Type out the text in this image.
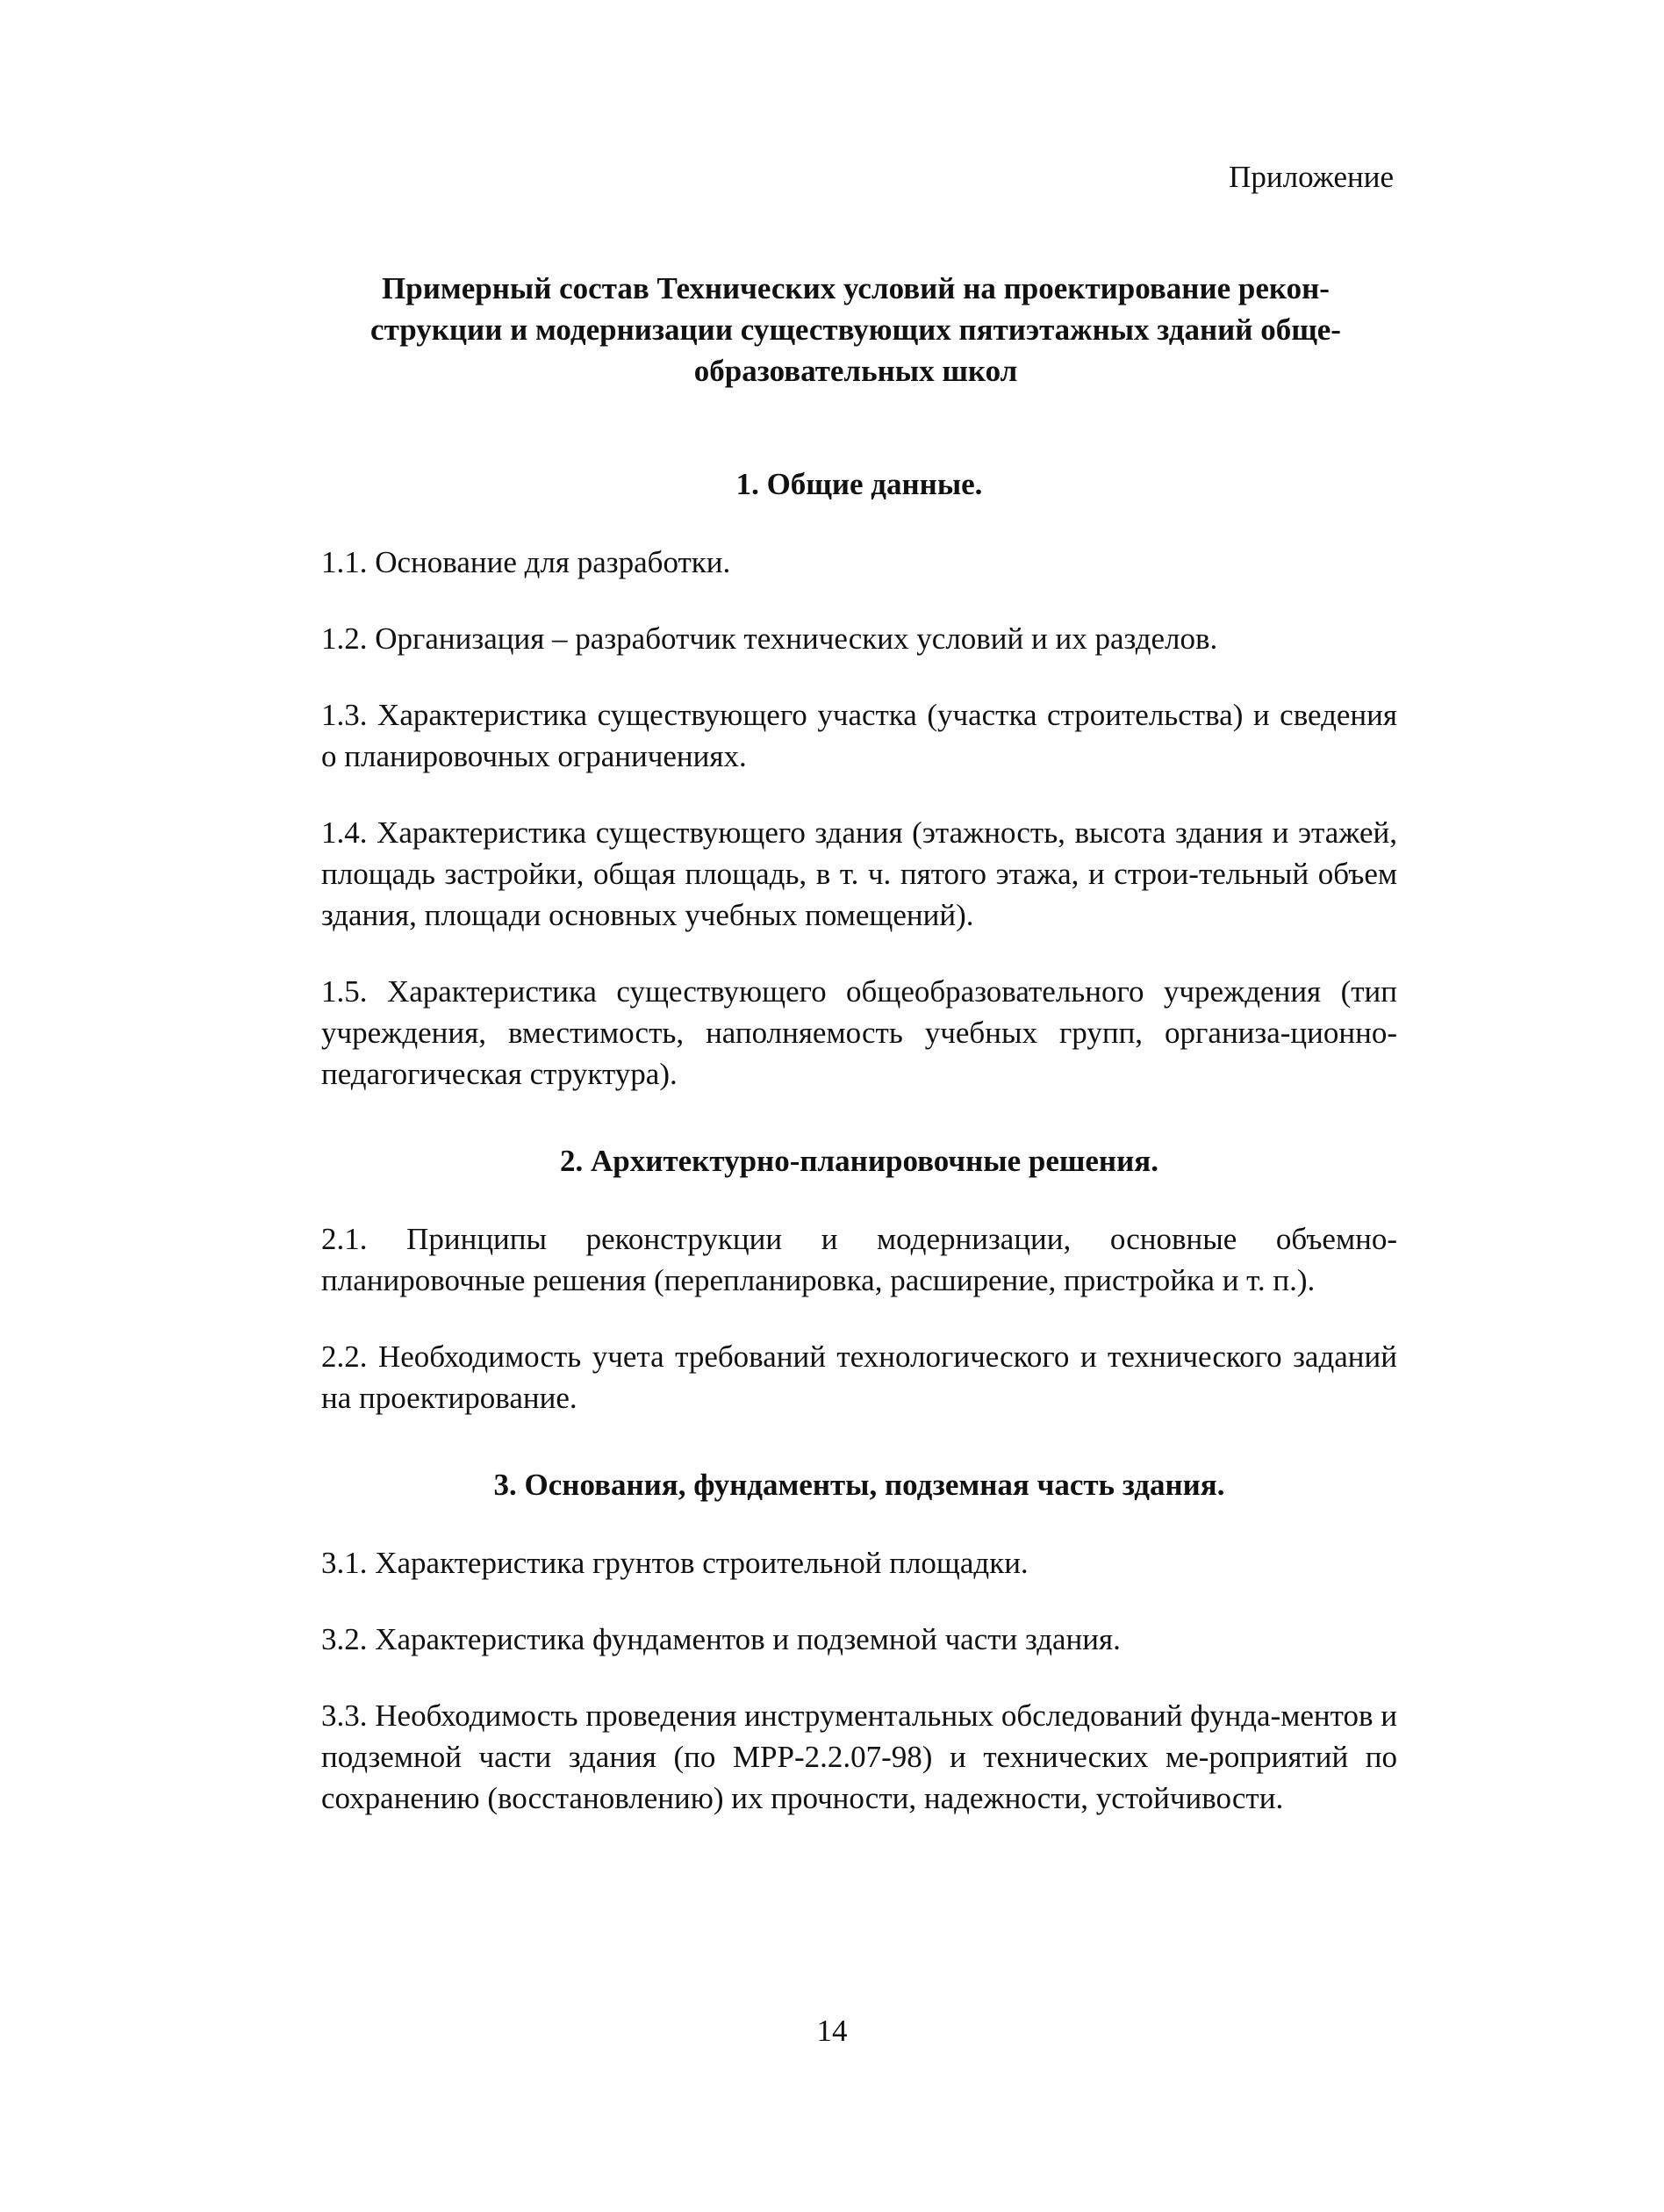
Приложение
Примерный состав Технических условий на проектирование рекон-
струкции и модернизации существующих пятиэтажных зданий обще-
образовательных школ
1. Общие данные.

1.1. Основание для разработки.

1.2. Организация – разработчик технических условий и их разделов.

1.3. Характеристика существующего участка (участка строительства) и сведения о планировочных ограничениях.

1.4. Характеристика существующего здания (этажность, высота здания и этажей, площадь застройки, общая площадь, в т. ч. пятого этажа, и строи-тельный объем здания, площади основных учебных помещений).

1.5. Характеристика существующего общеобразовательного учреждения (тип учреждения, вместимость, наполняемость учебных групп, организа-ционно-педагогическая структура).

2. Архитектурно-планировочные решения.

2.1. Принципы реконструкции и модернизации, основные объемно-планировочные решения (перепланировка, расширение, пристройка и т. п.).

2.2. Необходимость учета требований технологического и технического заданий на проектирование.

3. Основания, фундаменты, подземная часть здания.

3.1. Характеристика грунтов строительной площадки.

3.2. Характеристика фундаментов и подземной части здания.

3.3. Необходимость проведения инструментальных обследований фунда-ментов и подземной части здания (по МРР-2.2.07-98) и технических ме-роприятий по сохранению (восстановлению) их прочности, надежности, устойчивости.

14
